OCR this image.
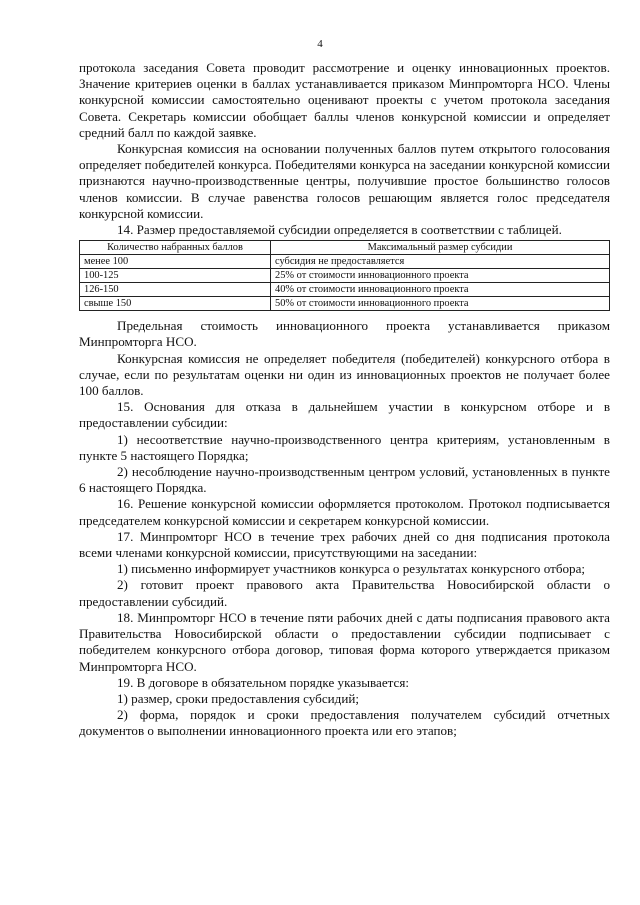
4

протокола заседания Совета проводит рассмотрение и оценку инновационных проектов. Значение критериев оценки в баллах устанавливается приказом Минпромторга НСО. Члены конкурсной комиссии самостоятельно оценивают проекты с учетом протокола заседания Совета. Секретарь комиссии обобщает баллы членов конкурсной комиссии и определяет средний балл по каждой заявке.

Конкурсная комиссия на основании полученных баллов путем открытого голосования определяет победителей конкурса. Победителями конкурса на заседании конкурсной комиссии признаются научно-производственные центры, получившие простое большинство голосов членов комиссии. В случае равенства голосов решающим является голос председателя конкурсной комиссии.

14. Размер предоставляемой субсидии определяется в соответствии с таблицей.

Количество набранных баллов	Максимальный размер субсидии
менее 100	субсидия не предоставляется
100-125	25% от стоимости инновационного проекта
126-150	40% от стоимости инновационного проекта
свыше 150	50% от стоимости инновационного проекта

Предельная стоимость инновационного проекта устанавливается приказом Минпромторга НСО.

Конкурсная комиссия не определяет победителя (победителей) конкурсного отбора в случае, если по результатам оценки ни один из инновационных проектов не получает более 100 баллов.

15. Основания для отказа в дальнейшем участии в конкурсном отборе и в предоставлении субсидии:

1) несоответствие научно-производственного центра критериям, установленным в пункте 5 настоящего Порядка;

2) несоблюдение научно-производственным центром условий, установленных в пункте 6 настоящего Порядка.

16. Решение конкурсной комиссии оформляется протоколом. Протокол подписывается председателем конкурсной комиссии и секретарем конкурсной комиссии.

17. Минпромторг НСО в течение трех рабочих дней со дня подписания протокола всеми членами конкурсной комиссии, присутствующими на заседании:

1) письменно информирует участников конкурса о результатах конкурсного отбора;

2) готовит проект правового акта Правительства Новосибирской области о предоставлении субсидий.

18. Минпромторг НСО в течение пяти рабочих дней с даты подписания правового акта Правительства Новосибирской области о предоставлении субсидии подписывает с победителем конкурсного отбора договор, типовая форма которого утверждается приказом Минпромторга НСО.

19. В договоре в обязательном порядке указывается:

1) размер, сроки предоставления субсидий;

2) форма, порядок и сроки предоставления получателем субсидий отчетных документов о выполнении инновационного проекта или его этапов;
